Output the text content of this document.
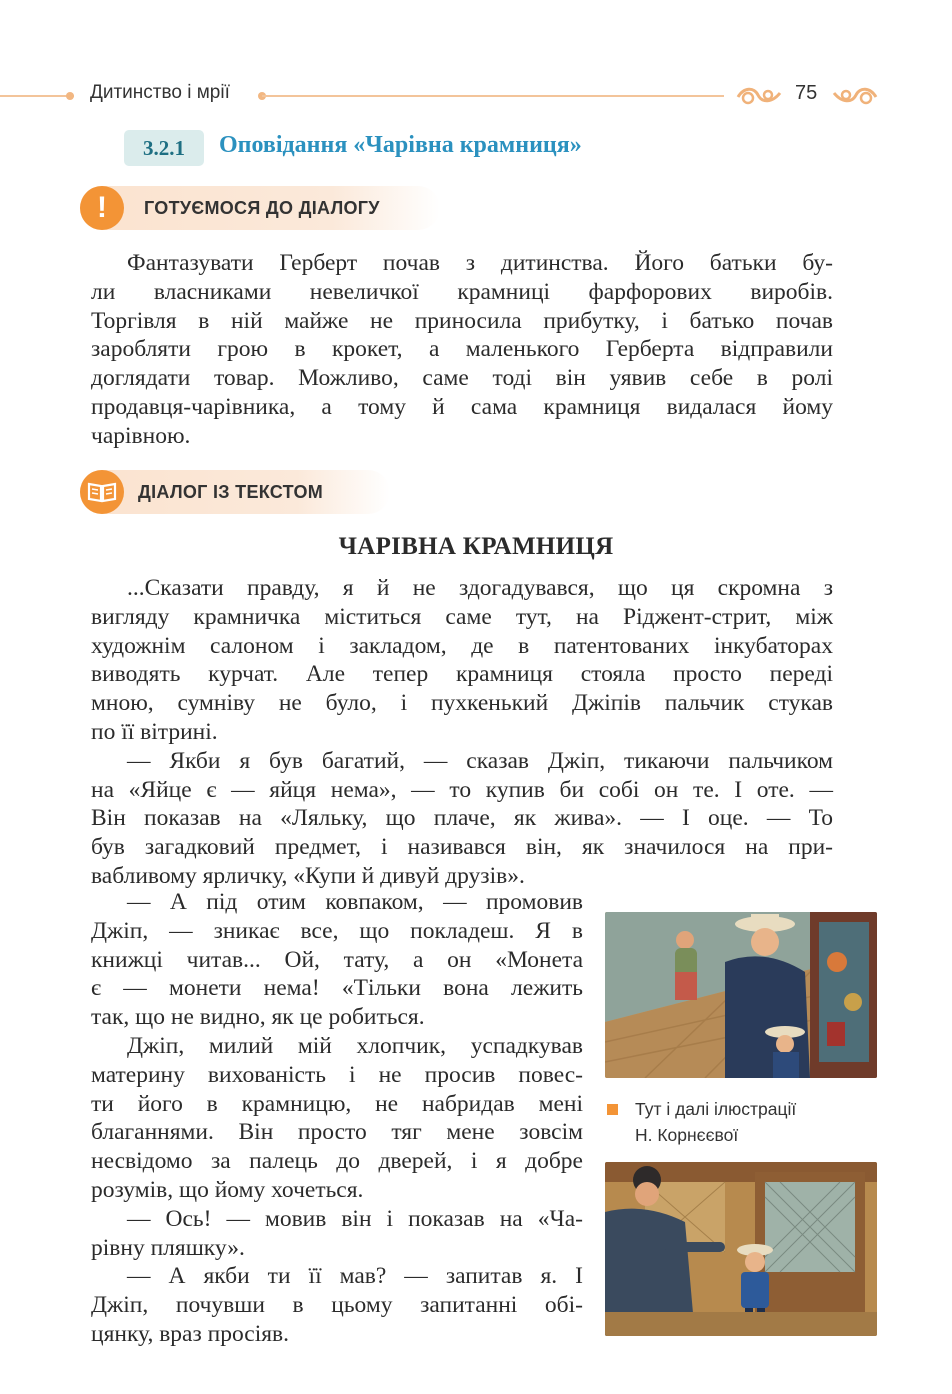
Дитинство і мрії	75
3.2.1	Оповідання «Чарівна крамниця»
!	ГОТУЄМОСЯ ДО ДІАЛОГУ
Фантазувати Герберт почав з дитинства. Його батьки бу-
ли власниками невеличкої крамниці фарфорових виробів.
Торгівля в ній майже не приносила прибутку, і батько почав
заробляти грою в крокет, а маленького Герберта відправили
доглядати товар. Можливо, саме тоді він уявив себе в ролі
продавця-чарівника, а тому й сама крамниця видалася йому
чарівною.
ДІАЛОГ ІЗ ТЕКСТОМ
ЧАРІВНА КРАМНИЦЯ
...Сказати правду, я й не здогадувався, що ця скромна з
вигляду крамничка міститься саме тут, на Ріджент-стрит, між
художнім салоном і закладом, де в патентованих інкубаторах
виводять курчат. Але тепер крамниця стояла просто переді
мною, сумніву не було, і пухкенький Джіпів пальчик стукав
по її вітрині.
— Якби я був багатий, — сказав Джіп, тикаючи пальчиком
на «Яйце є — яйця нема», — то купив би собі он те. І оте. —
Він показав на «Ляльку, що плаче, як жива». — І оце. — То
був загадковий предмет, і називався він, як значилося на при-
вабливому ярличку, «Купи й дивуй друзів».
— А під отим ковпаком, — промовив
Джіп, — зникає все, що покладеш. Я в
книжці читав... Ой, тату, а он «Монета
є — монети нема! «Тільки вона лежить
так, що не видно, як це робиться.
Джіп, милий мій хлопчик, успадкував
материну вихованість і не просив повес-
ти його в крамницю, не набридав мені
благаннями. Він просто тяг мене зовсім
несвідомо за палець до дверей, і я добре
розумів, що йому хочеться.
— Ось! — мовив він і показав на «Ча-
рівну пляшку».
— А якби ти її мав? — запитав я. І
Джіп, почувши в цьому запитанні обі-
цянку, враз просіяв.
Тут і далі ілюстрації
Н. Корнєєвої
